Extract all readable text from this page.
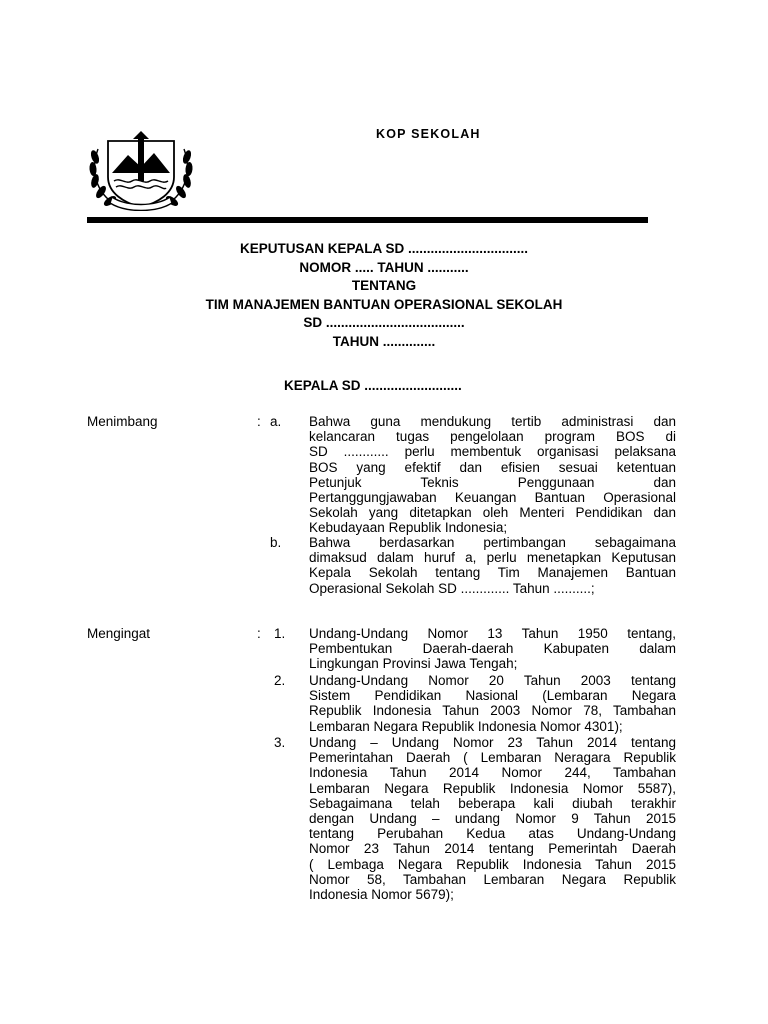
KOP SEKOLAH
KEPUTUSAN KEPALA SD ................................
NOMOR ..... TAHUN ...........
TENTANG
TIM MANAJEMEN BANTUAN OPERASIONAL SEKOLAH
SD .....................................
TAHUN ..............
KEPALA SD ..........................
Menimbang	: a.	Bahwa guna mendukung tertib administrasi dan
kelancaran tugas pengelolaan program BOS di
SD ............ perlu membentuk organisasi pelaksana
BOS yang efektif dan efisien sesuai ketentuan
Petunjuk Teknis Penggunaan dan
Pertanggungjawaban Keuangan Bantuan Operasional
Sekolah yang ditetapkan oleh Menteri Pendidikan dan
Kebudayaan Republik Indonesia;
b.	Bahwa berdasarkan pertimbangan sebagaimana
dimaksud dalam huruf a, perlu menetapkan Keputusan
Kepala Sekolah tentang Tim Manajemen Bantuan
Operasional Sekolah SD ............. Tahun ..........;
Mengingat	: 1.	Undang-Undang Nomor 13 Tahun 1950 tentang,
Pembentukan Daerah-daerah Kabupaten dalam
Lingkungan Provinsi Jawa Tengah;
2.	Undang-Undang Nomor 20 Tahun 2003 tentang
Sistem Pendidikan Nasional (Lembaran Negara
Republik Indonesia Tahun 2003 Nomor 78, Tambahan
Lembaran Negara Republik Indonesia Nomor 4301);
3.	Undang – Undang Nomor 23 Tahun 2014 tentang
Pemerintahan Daerah ( Lembaran Neragara Republik
Indonesia Tahun 2014 Nomor 244, Tambahan
Lembaran Negara Republik Indonesia Nomor 5587),
Sebagaimana telah beberapa kali diubah terakhir
dengan Undang – undang Nomor 9 Tahun 2015
tentang Perubahan Kedua atas Undang-Undang
Nomor 23 Tahun 2014 tentang Pemerintah Daerah
( Lembaga Negara Republik Indonesia Tahun 2015
Nomor 58, Tambahan Lembaran Negara Republik
Indonesia Nomor 5679);
